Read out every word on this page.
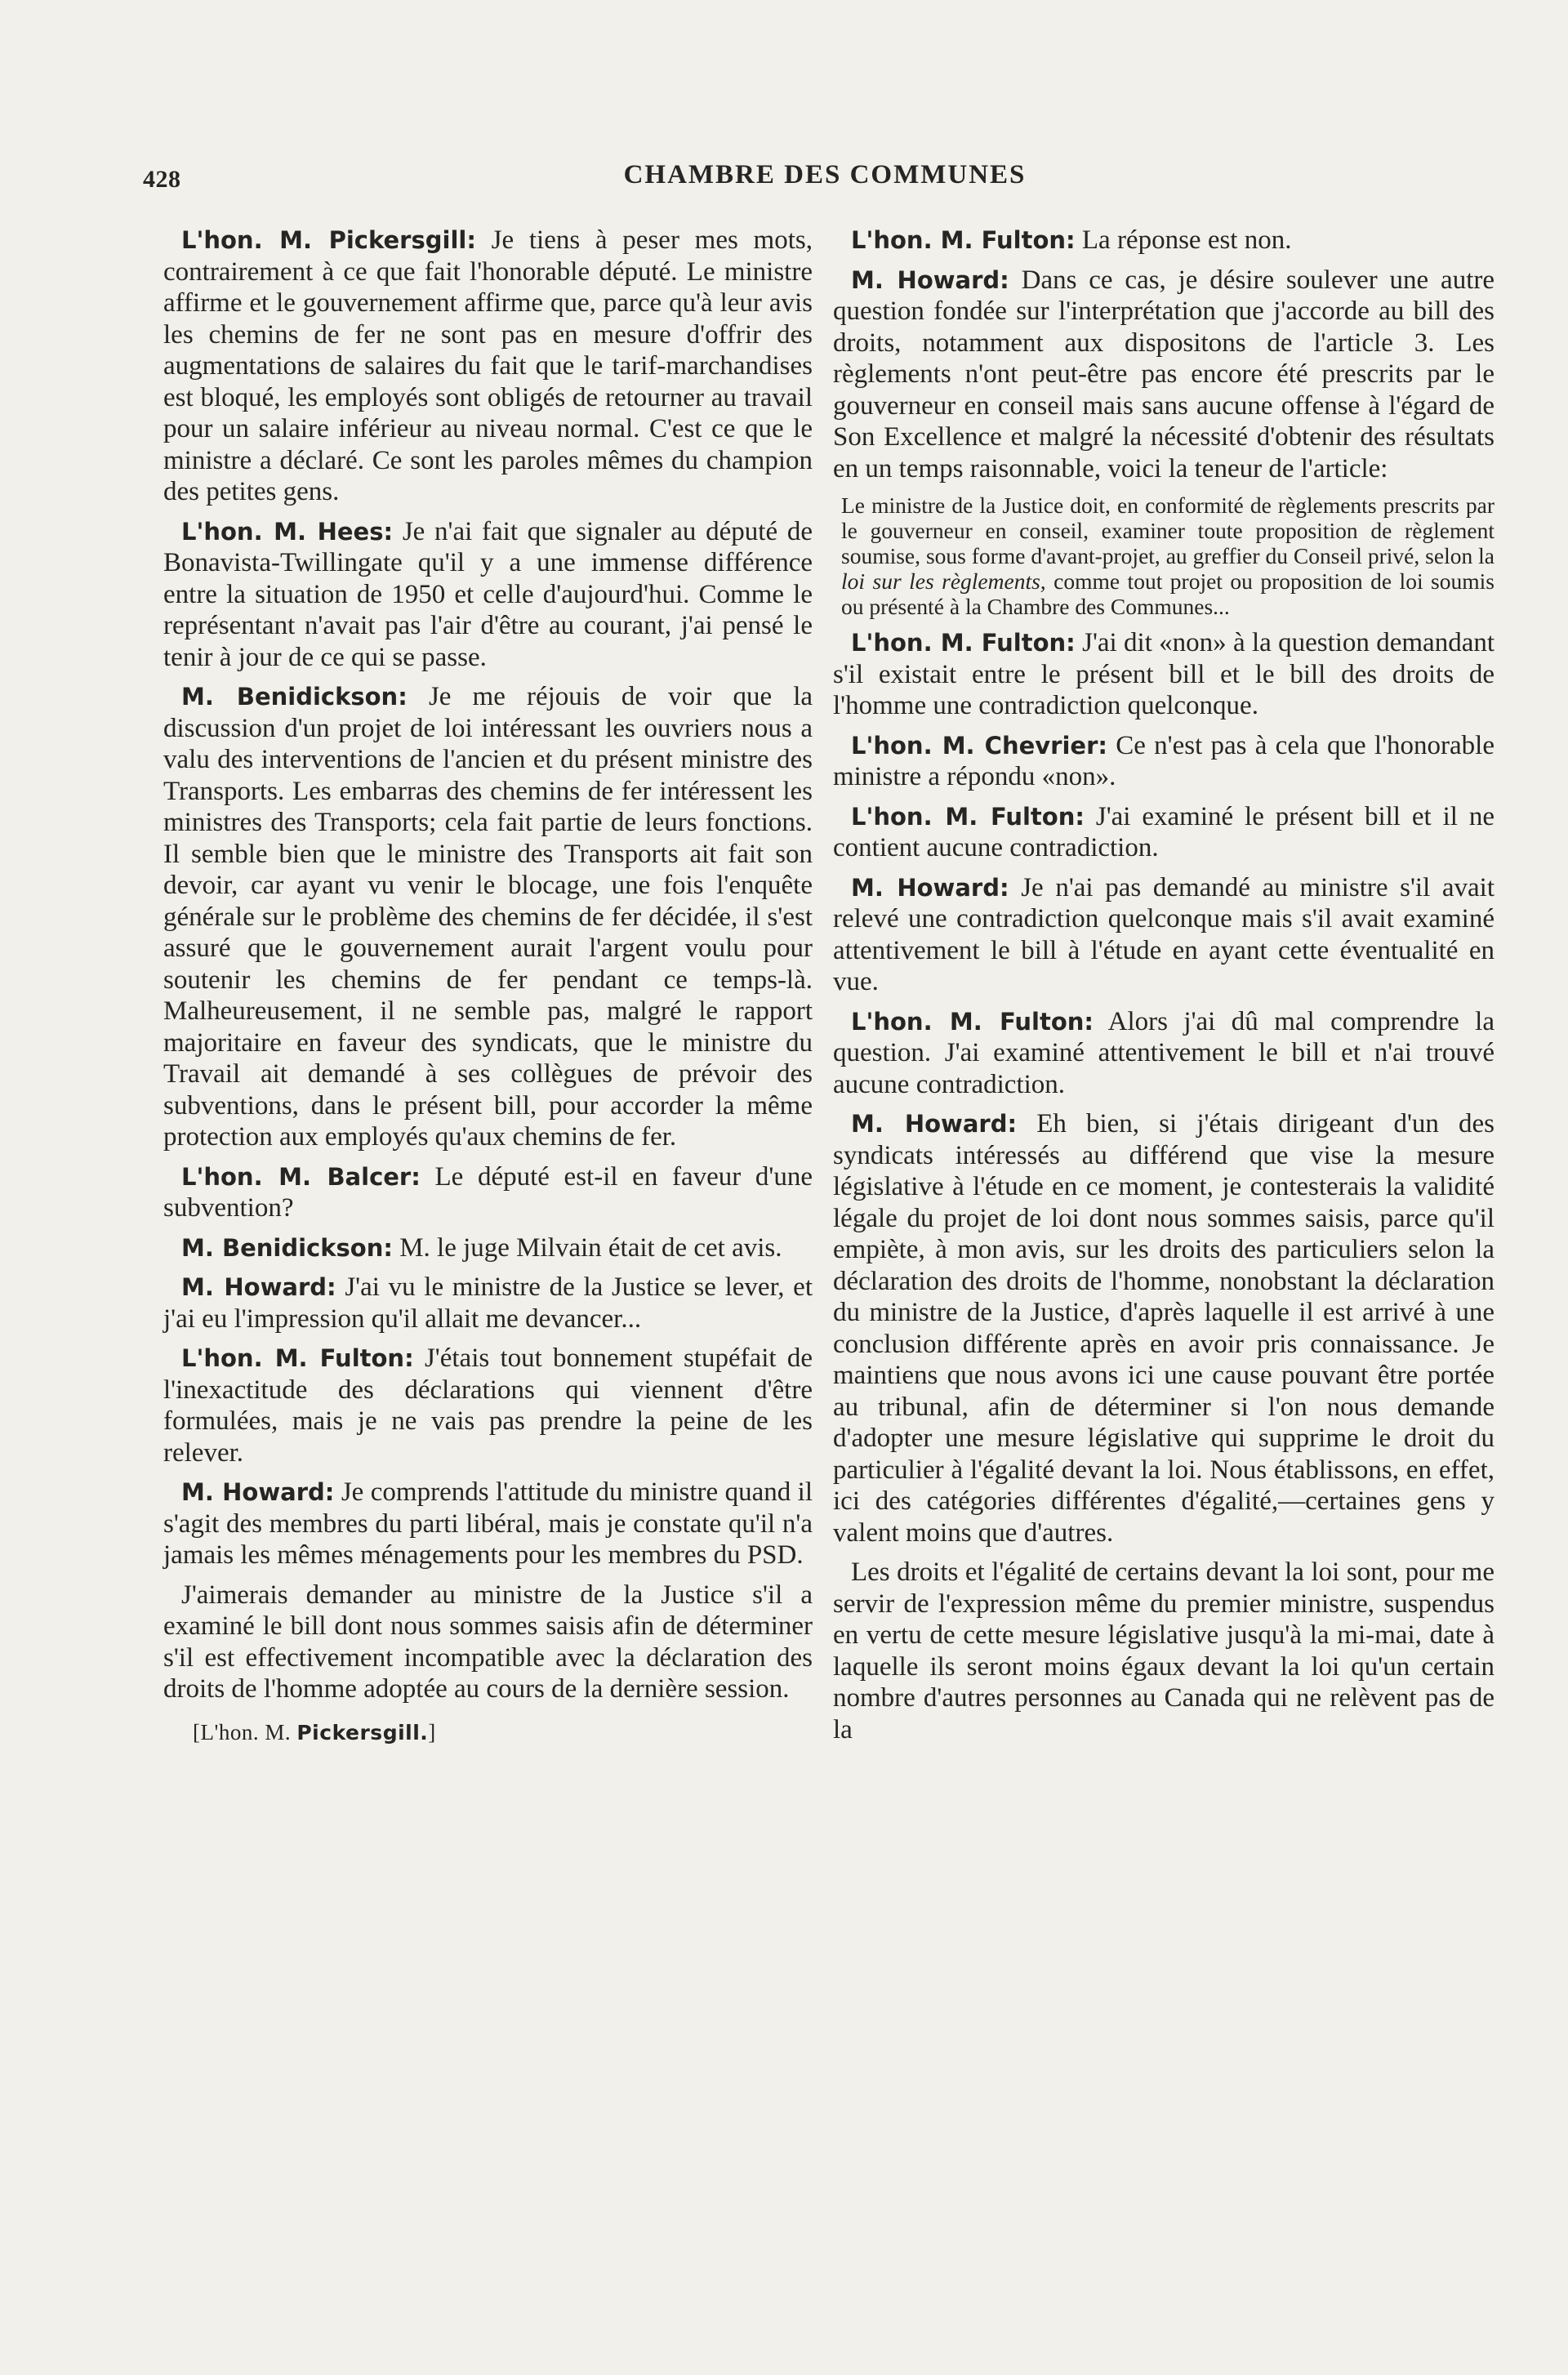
428	CHAMBRE DES COMMUNES

L'hon. M. Pickersgill: Je tiens à peser mes mots, contrairement à ce que fait l'honorable député. Le ministre affirme et le gouvernement affirme que, parce qu'à leur avis les chemins de fer ne sont pas en mesure d'offrir des augmentations de salaires du fait que le tarif-marchandises est bloqué, les employés sont obligés de retourner au travail pour un salaire inférieur au niveau normal. C'est ce que le ministre a déclaré. Ce sont les paroles mêmes du champion des petites gens.

L'hon. M. Hees: Je n'ai fait que signaler au député de Bonavista-Twillingate qu'il y a une immense différence entre la situation de 1950 et celle d'aujourd'hui. Comme le représentant n'avait pas l'air d'être au courant, j'ai pensé le tenir à jour de ce qui se passe.

M. Benidickson: Je me réjouis de voir que la discussion d'un projet de loi intéressant les ouvriers nous a valu des interventions de l'ancien et du présent ministre des Transports. Les embarras des chemins de fer intéressent les ministres des Transports; cela fait partie de leurs fonctions. Il semble bien que le ministre des Transports ait fait son devoir, car ayant vu venir le blocage, une fois l'enquête générale sur le problème des chemins de fer décidée, il s'est assuré que le gouvernement aurait l'argent voulu pour soutenir les chemins de fer pendant ce temps-là. Malheureusement, il ne semble pas, malgré le rapport majoritaire en faveur des syndicats, que le ministre du Travail ait demandé à ses collègues de prévoir des subventions, dans le présent bill, pour accorder la même protection aux employés qu'aux chemins de fer.

L'hon. M. Balcer: Le député est-il en faveur d'une subvention?

M. Benidickson: M. le juge Milvain était de cet avis.

M. Howard: J'ai vu le ministre de la Justice se lever, et j'ai eu l'impression qu'il allait me devancer...

L'hon. M. Fulton: J'étais tout bonnement stupéfait de l'inexactitude des déclarations qui viennent d'être formulées, mais je ne vais pas prendre la peine de les relever.

M. Howard: Je comprends l'attitude du ministre quand il s'agit des membres du parti libéral, mais je constate qu'il n'a jamais les mêmes ménagements pour les membres du PSD.

J'aimerais demander au ministre de la Justice s'il a examiné le bill dont nous sommes saisis afin de déterminer s'il est effectivement incompatible avec la déclaration des droits de l'homme adoptée au cours de la dernière session.

[L'hon. M. Pickersgill.]

L'hon. M. Fulton: La réponse est non.

M. Howard: Dans ce cas, je désire soulever une autre question fondée sur l'interprétation que j'accorde au bill des droits, notamment aux dispositons de l'article 3. Les règlements n'ont peut-être pas encore été prescrits par le gouverneur en conseil mais sans aucune offense à l'égard de Son Excellence et malgré la nécessité d'obtenir des résultats en un temps raisonnable, voici la teneur de l'article:

Le ministre de la Justice doit, en conformité de règlements prescrits par le gouverneur en conseil, examiner toute proposition de règlement soumise, sous forme d'avant-projet, au greffier du Conseil privé, selon la loi sur les règlements, comme tout projet ou proposition de loi soumis ou présenté à la Chambre des Communes...

L'hon. M. Fulton: J'ai dit «non» à la question demandant s'il existait entre le présent bill et le bill des droits de l'homme une contradiction quelconque.

L'hon. M. Chevrier: Ce n'est pas à cela que l'honorable ministre a répondu «non».

L'hon. M. Fulton: J'ai examiné le présent bill et il ne contient aucune contradiction.

M. Howard: Je n'ai pas demandé au ministre s'il avait relevé une contradiction quelconque mais s'il avait examiné attentivement le bill à l'étude en ayant cette éventualité en vue.

L'hon. M. Fulton: Alors j'ai dû mal comprendre la question. J'ai examiné attentivement le bill et n'ai trouvé aucune contradiction.

M. Howard: Eh bien, si j'étais dirigeant d'un des syndicats intéressés au différend que vise la mesure législative à l'étude en ce moment, je contesterais la validité légale du projet de loi dont nous sommes saisis, parce qu'il empiète, à mon avis, sur les droits des particuliers selon la déclaration des droits de l'homme, nonobstant la déclaration du ministre de la Justice, d'après laquelle il est arrivé à une conclusion différente après en avoir pris connaissance. Je maintiens que nous avons ici une cause pouvant être portée au tribunal, afin de déterminer si l'on nous demande d'adopter une mesure législative qui supprime le droit du particulier à l'égalité devant la loi. Nous établissons, en effet, ici des catégories différentes d'égalité,—certaines gens y valent moins que d'autres.

Les droits et l'égalité de certains devant la loi sont, pour me servir de l'expression même du premier ministre, suspendus en vertu de cette mesure législative jusqu'à la mi-mai, date à laquelle ils seront moins égaux devant la loi qu'un certain nombre d'autres personnes au Canada qui ne relèvent pas de la
